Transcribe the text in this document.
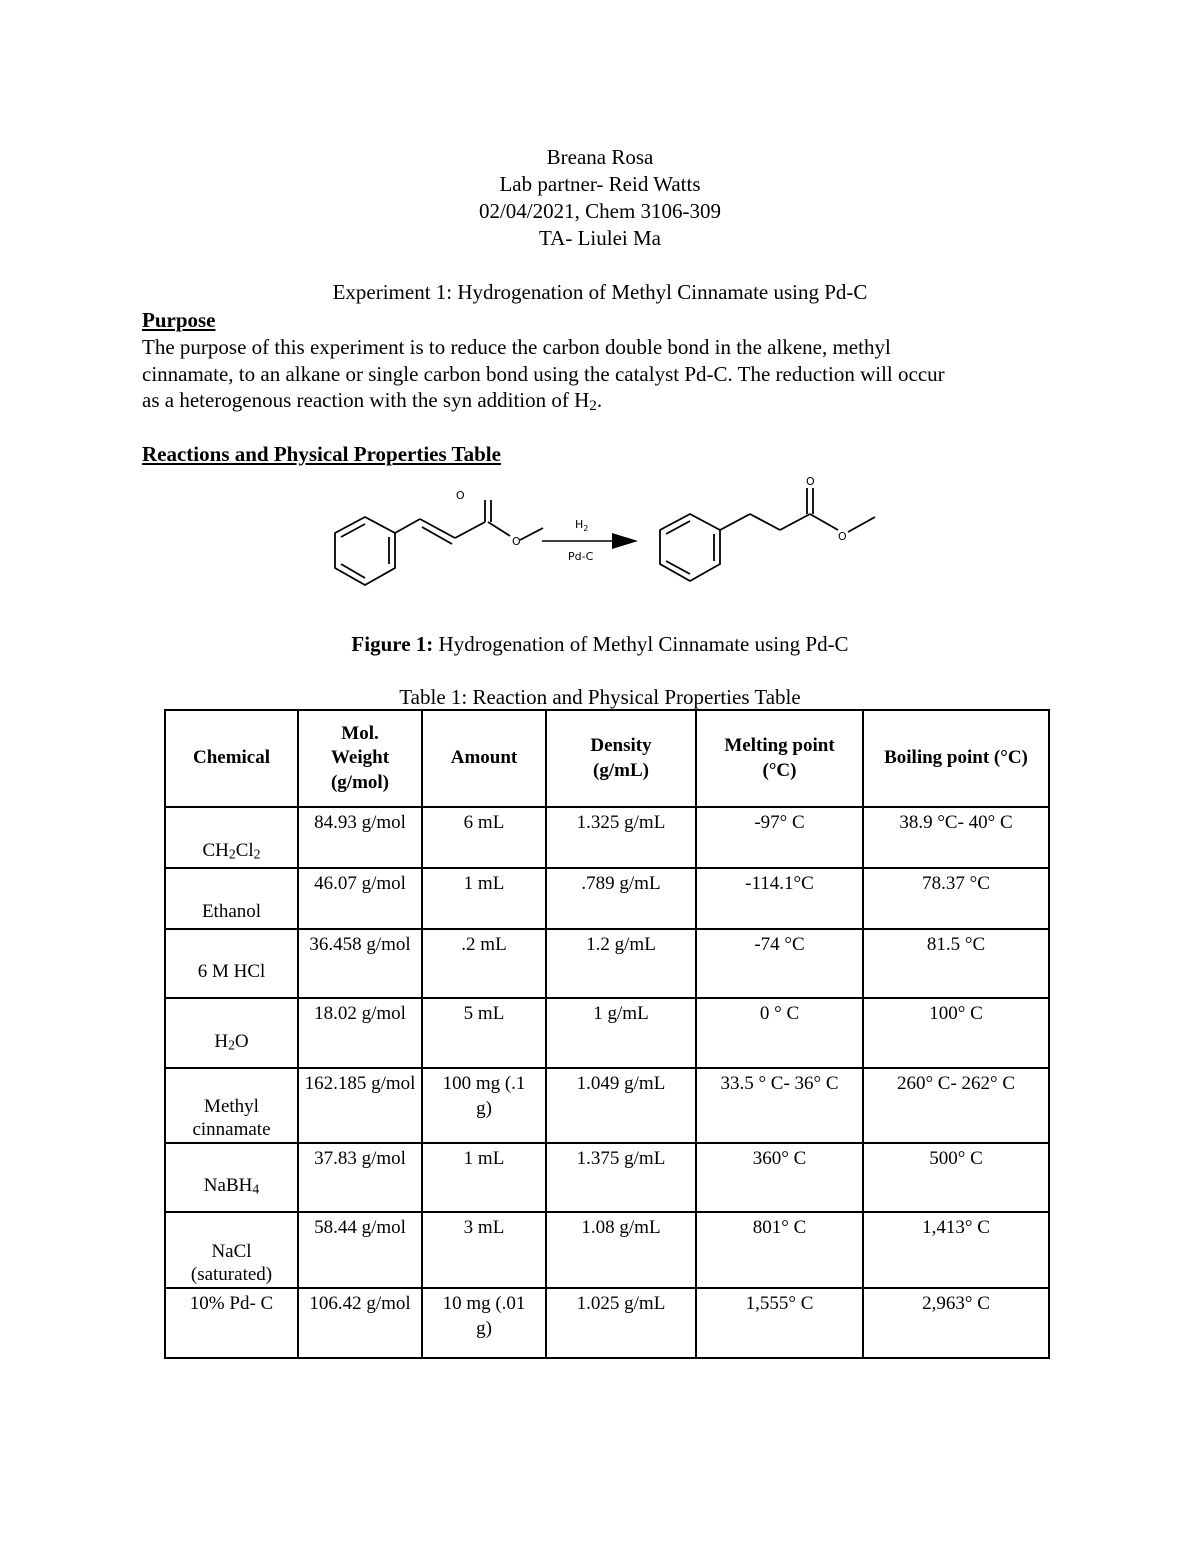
Breana Rosa
Lab partner- Reid Watts
02/04/2021, Chem 3106-309
TA- Liulei Ma
Experiment 1: Hydrogenation of Methyl Cinnamate using Pd-C
Purpose
The purpose of this experiment is to reduce the carbon double bond in the alkene, methyl
cinnamate, to an alkane or single carbon bond using the catalyst Pd-C. The reduction will occur
as a heterogenous reaction with the syn addition of $H_2$.
Reactions and Physical Properties Table
O
O
$H_2$
Pd-C
O
O
Figure 1: Hydrogenation of Methyl Cinnamate using Pd-C
Table 1: Reaction and Physical Properties Table
Chemical	Mol. Weight (g/mol)	Amount	Density (g/mL)	Melting point (°C)	Boiling point (°C)
$CH_2Cl_2$	84.93 g/mol	6 mL	1.325 g/mL	-97° C	38.9 °C- 40° C
Ethanol	46.07 g/mol	1 mL	.789 g/mL	-114.1°C	78.37 °C
6 M HCl	36.458 g/mol	.2 mL	1.2 g/mL	-74 °C	81.5 °C
$H_2O$	18.02 g/mol	5 mL	1 g/mL	0 ° C	100° C
Methyl cinnamate	162.185 g/mol	100 mg (.1 g)	1.049 g/mL	33.5 ° C- 36° C	260° C- 262° C
NaBH$_4$	37.83 g/mol	1 mL	1.375 g/mL	360° C	500° C
NaCl (saturated)	58.44 g/mol	3 mL	1.08 g/mL	801° C	1,413° C
10% Pd- C	106.42 g/mol	10 mg (.01 g)	1.025 g/mL	1,555° C	2,963° C
